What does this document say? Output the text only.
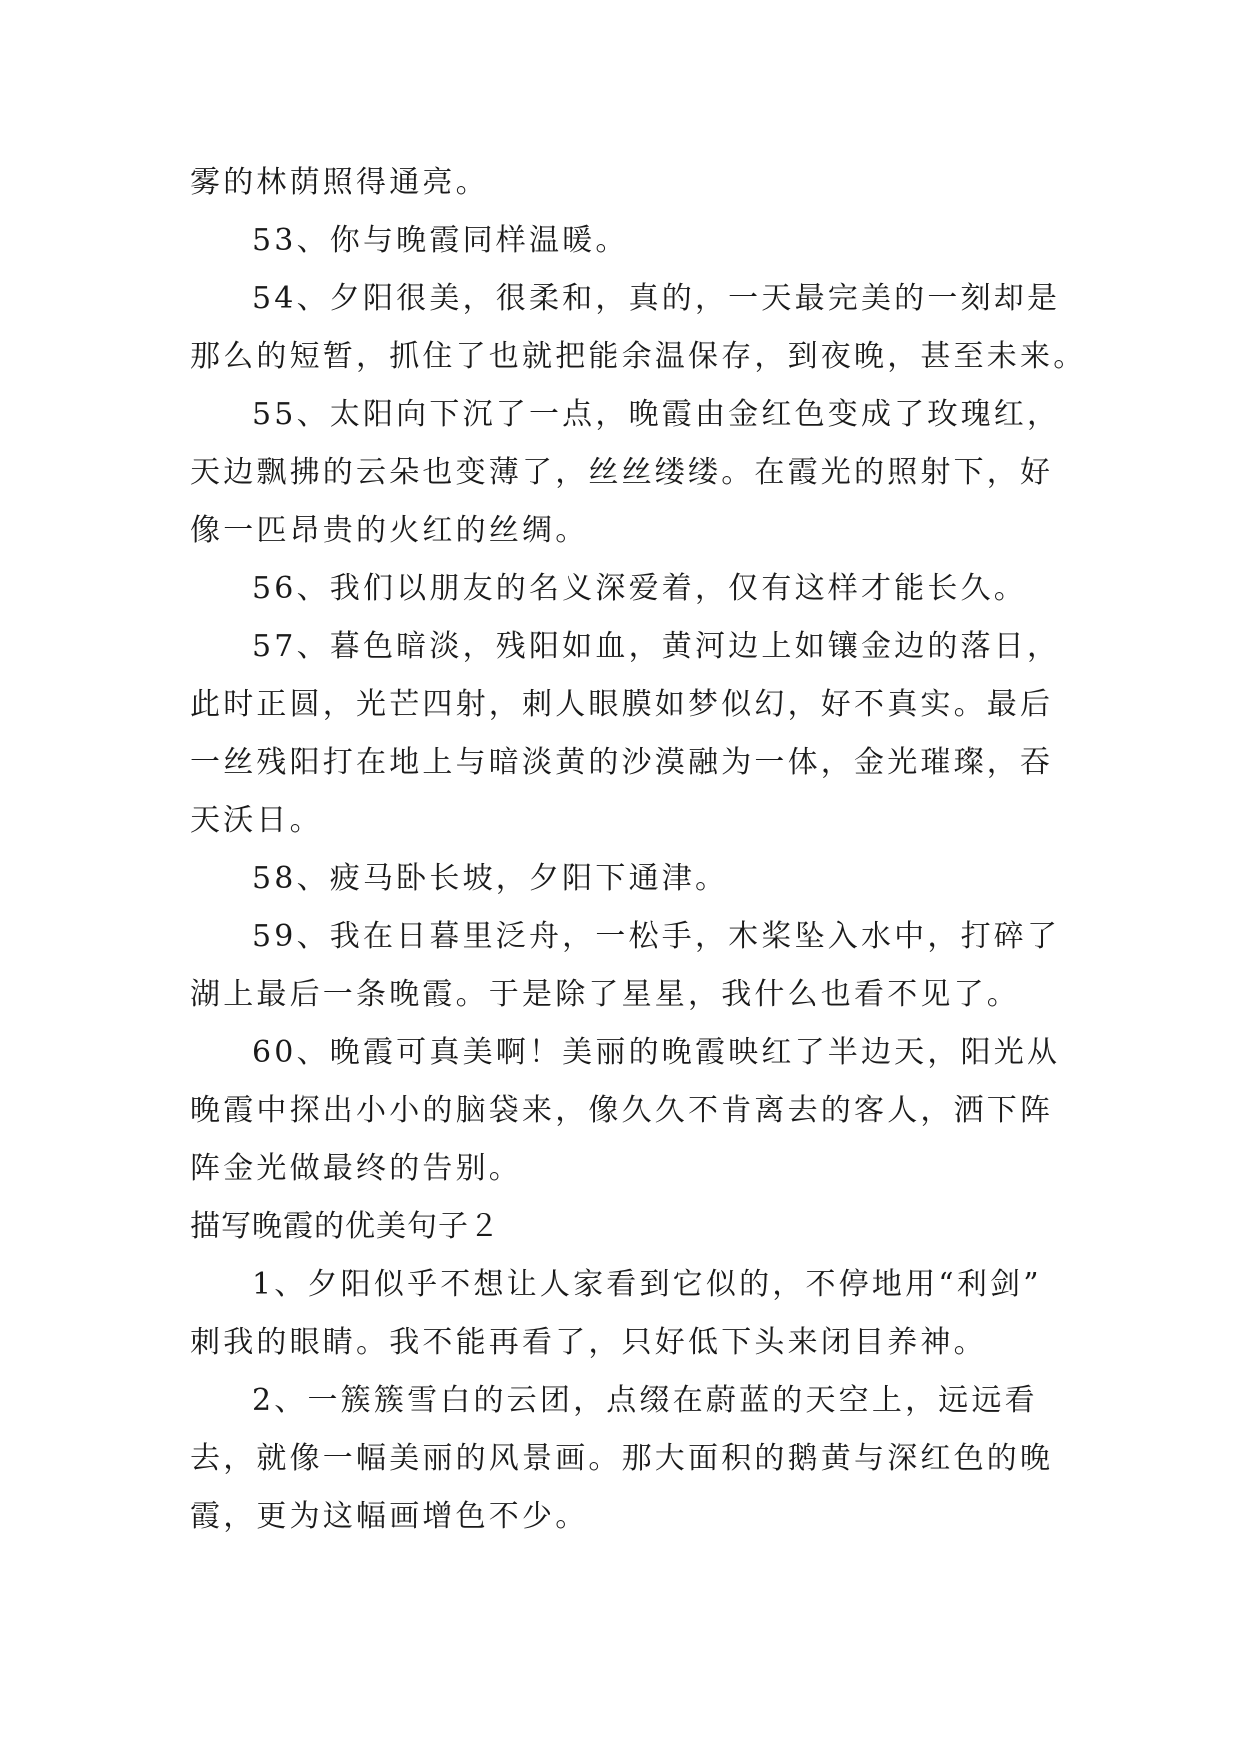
雾的林荫照得通亮。
53、你与晚霞同样温暖。
54、夕阳很美，很柔和，真的，一天最完美的一刻却是
那么的短暂，抓住了也就把能余温保存，到夜晚，甚至未来。
55、太阳向下沉了一点，晚霞由金红色变成了玫瑰红，
天边飘拂的云朵也变薄了，丝丝缕缕。在霞光的照射下，好
像一匹昂贵的火红的丝绸。
56、我们以朋友的名义深爱着，仅有这样才能长久。
57、暮色暗淡，残阳如血，黄河边上如镶金边的落日，
此时正圆，光芒四射，刺人眼膜如梦似幻，好不真实。最后
一丝残阳打在地上与暗淡黄的沙漠融为一体，金光璀璨，吞
天沃日。
58、疲马卧长坡，夕阳下通津。
59、我在日暮里泛舟，一松手，木桨坠入水中，打碎了
湖上最后一条晚霞。于是除了星星，我什么也看不见了。
60、晚霞可真美啊！美丽的晚霞映红了半边天，阳光从
晚霞中探出小小的脑袋来，像久久不肯离去的客人，洒下阵
阵金光做最终的告别。
描写晚霞的优美句子２
1、夕阳似乎不想让人家看到它似的，不停地用“利剑”
刺我的眼睛。我不能再看了，只好低下头来闭目养神。
2、一簇簇雪白的云团，点缀在蔚蓝的天空上，远远看
去，就像一幅美丽的风景画。那大面积的鹅黄与深红色的晚
霞，更为这幅画增色不少。
